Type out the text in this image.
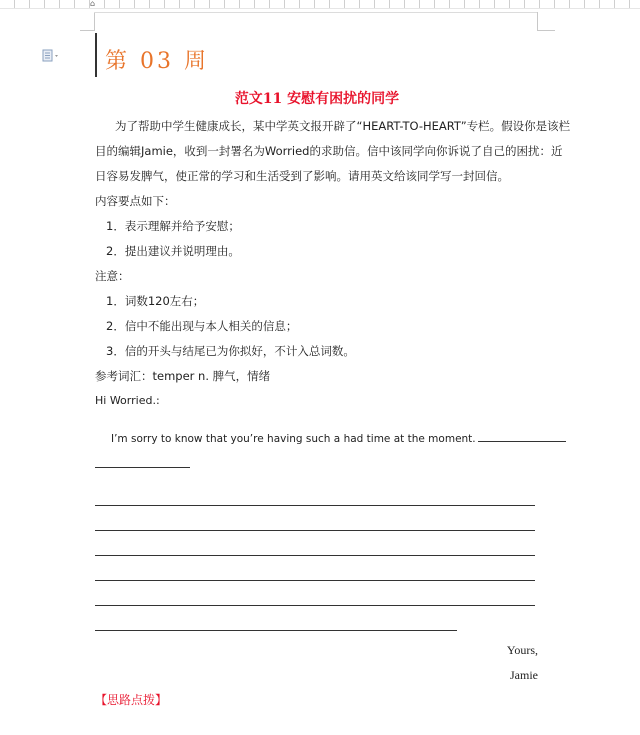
⌂
第 03 周
范文11 安慰有困扰的同学
为了帮助中学生健康成长，某中学英文报开辟了“HEART-TO-HEART”专栏。假设你是该栏
目的编辑Jamie，收到一封署名为Worried的求助信。信中该同学向你诉说了自己的困扰：近
日容易发脾气，使正常的学习和生活受到了影响。请用英文给该同学写一封回信。
内容要点如下：
1．表示理解并给予安慰；
2．提出建议并说明理由。
注意：
1．词数120左右；
2．信中不能出现与本人相关的信息；
3．信的开头与结尾已为你拟好，不计入总词数。
参考词汇：temper n. 脾气，情绪
Hi Worried.:
I’m sorry to know that you’re having such a had time at the moment.
Yours,
Jamie
【思路点拨】
